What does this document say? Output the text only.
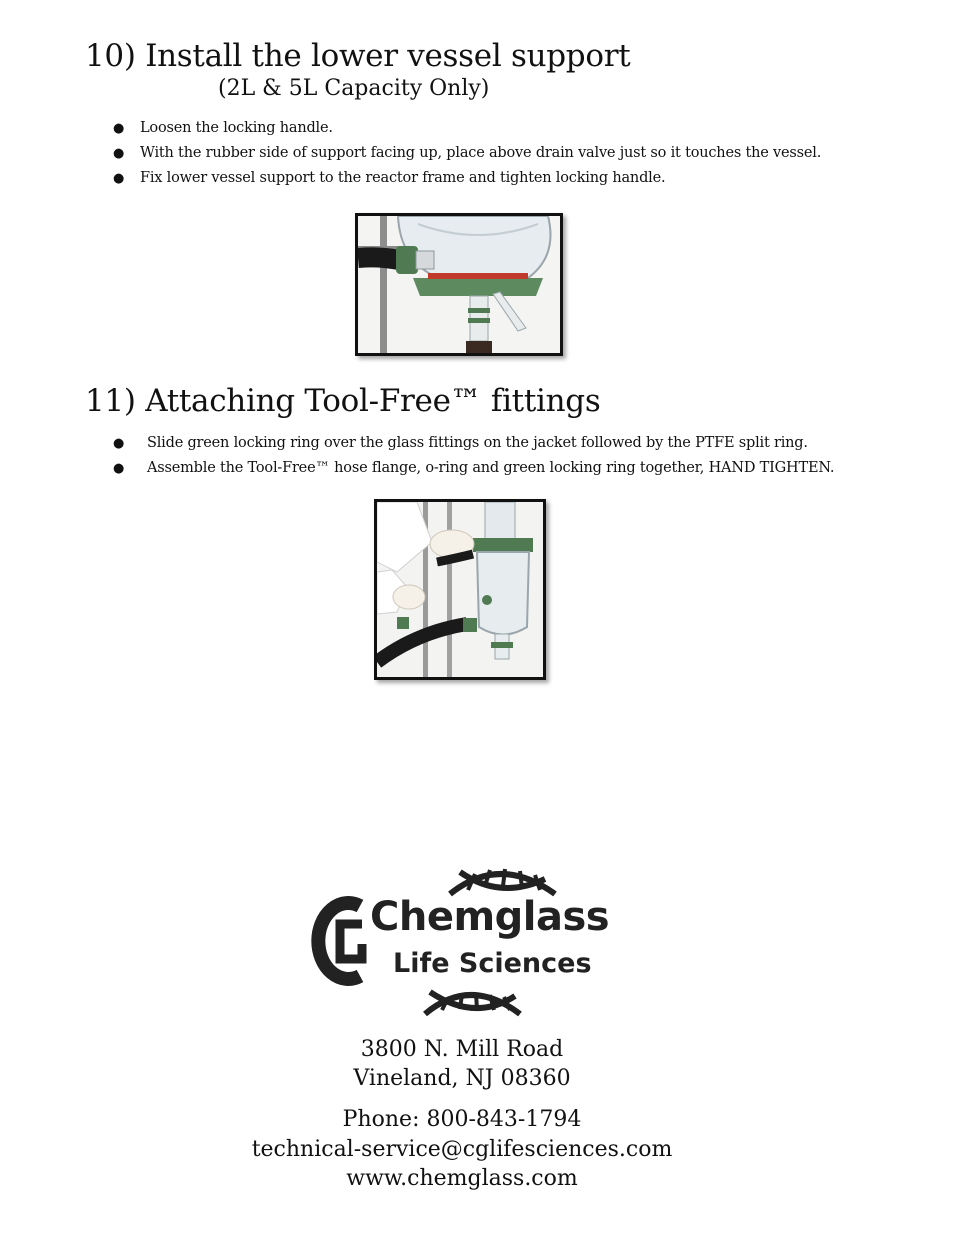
10) Install the lower vessel support
(2L & 5L Capacity Only)
● Loosen the locking handle.
● With the rubber side of support facing up, place above drain valve just so it touches the vessel.
● Fix lower vessel support to the reactor frame and tighten locking handle.
11) Attaching Tool-Free™ fittings
● Slide green locking ring over the glass fittings on the jacket followed by the PTFE split ring.
● Assemble the Tool-Free™ hose flange, o-ring and green locking ring together, HAND TIGHTEN.
Chemglass
Life Sciences
3800 N. Mill Road
Vineland, NJ 08360
Phone: 800-843-1794
technical-service@cglifesciences.com
www.chemglass.com
